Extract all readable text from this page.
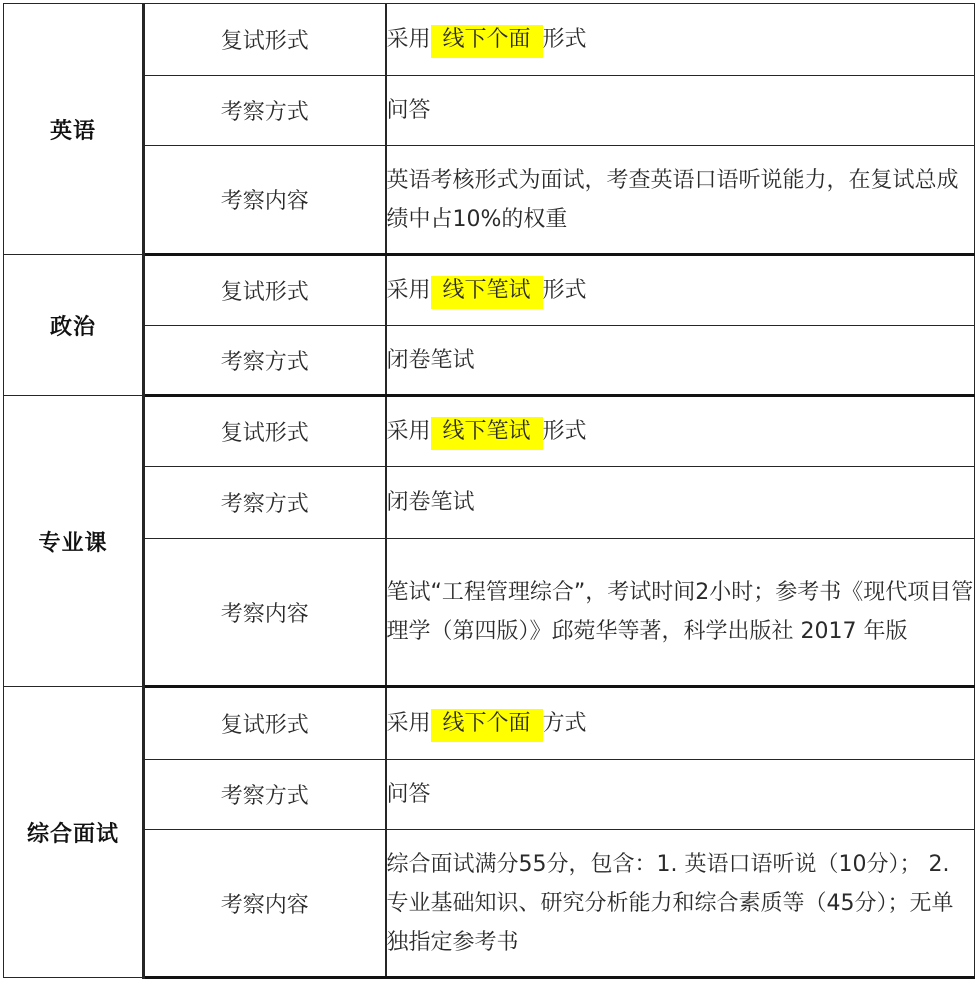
英语	复试形式	采用 线下个面 形式
	考察方式	问答
	考察内容	英语考核形式为面试，考查英语口语听说能力，在复试总成绩中占10%的权重
政治	复试形式	采用 线下笔试 形式
	考察方式	闭卷笔试
专业课	复试形式	采用 线下笔试 形式
	考察方式	闭卷笔试
	考察内容	笔试“工程管理综合”，考试时间2小时；参考书《现代项目管理学（第四版）》邱菀华等著，科学出版社 2017 年版
综合面试	复试形式	采用 线下个面 方式
	考察方式	问答
	考察内容	综合面试满分55分，包含：1. 英语口语听说（10分）； 2. 专业基础知识、研究分析能力和综合素质等（45分）；无单独指定参考书
